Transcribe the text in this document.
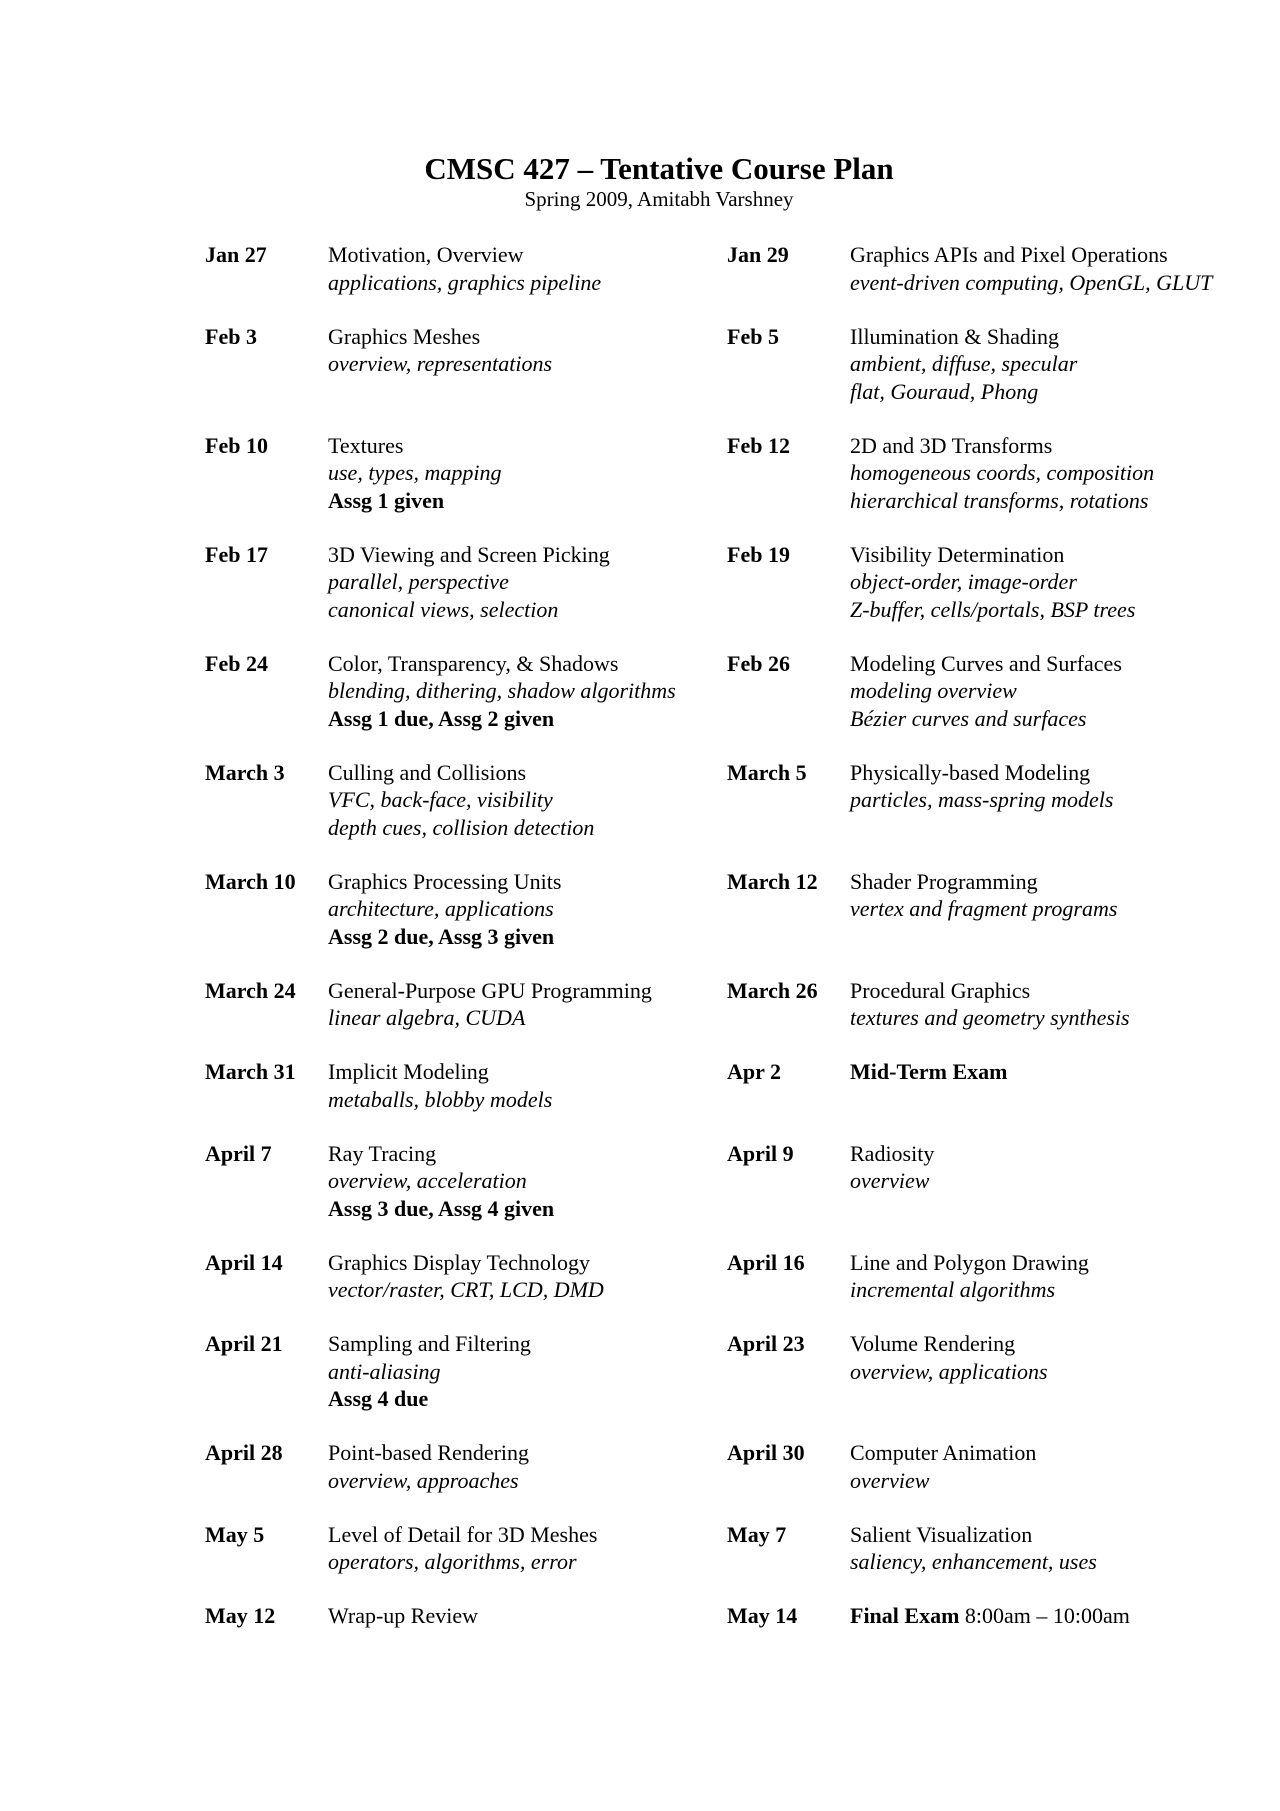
CMSC 427 – Tentative Course Plan
Spring 2009, Amitabh Varshney
Jan 27	Motivation, Overview
applications, graphics pipeline
Jan 29	Graphics APIs and Pixel Operations
event-driven computing, OpenGL, GLUT
Feb 3	Graphics Meshes
overview, representations
Feb 5	Illumination & Shading
ambient, diffuse, specular
flat, Gouraud, Phong
Feb 10	Textures
use, types, mapping
Assg 1 given
Feb 12	2D and 3D Transforms
homogeneous coords, composition
hierarchical transforms, rotations
Feb 17	3D Viewing and Screen Picking
parallel, perspective
canonical views, selection
Feb 19	Visibility Determination
object-order, image-order
Z-buffer, cells/portals, BSP trees
Feb 24	Color, Transparency, & Shadows
blending, dithering, shadow algorithms
Assg 1 due, Assg 2 given
Feb 26	Modeling Curves and Surfaces
modeling overview
Bézier curves and surfaces
March 3 Culling and Collisions
VFC, back-face, visibility
depth cues, collision detection
March 5 Physically-based Modeling
particles, mass-spring models
March 10 Graphics Processing Units
architecture, applications
Assg 2 due, Assg 3 given
March 12 Shader Programming
vertex and fragment programs
March 24 General-Purpose GPU Programming
linear algebra, CUDA
March 26 Procedural Graphics
textures and geometry synthesis
March 31 Implicit Modeling
metaballs, blobby models
Apr 2	Mid-Term Exam
April 7	Ray Tracing
overview, acceleration
Assg 3 due, Assg 4 given
April 9	Radiosity
overview
April 14 Graphics Display Technology
vector/raster, CRT, LCD, DMD
April 16 Line and Polygon Drawing
incremental algorithms
April 21 Sampling and Filtering
anti-aliasing
Assg 4 due
April 23 Volume Rendering
overview, applications
April 28 Point-based Rendering
overview, approaches
April 30 Computer Animation
overview
May 5	Level of Detail for 3D Meshes
operators, algorithms, error
May 7	Salient Visualization
saliency, enhancement, uses
May 12 Wrap-up Review	May 14 Final Exam 8:00am – 10:00am
